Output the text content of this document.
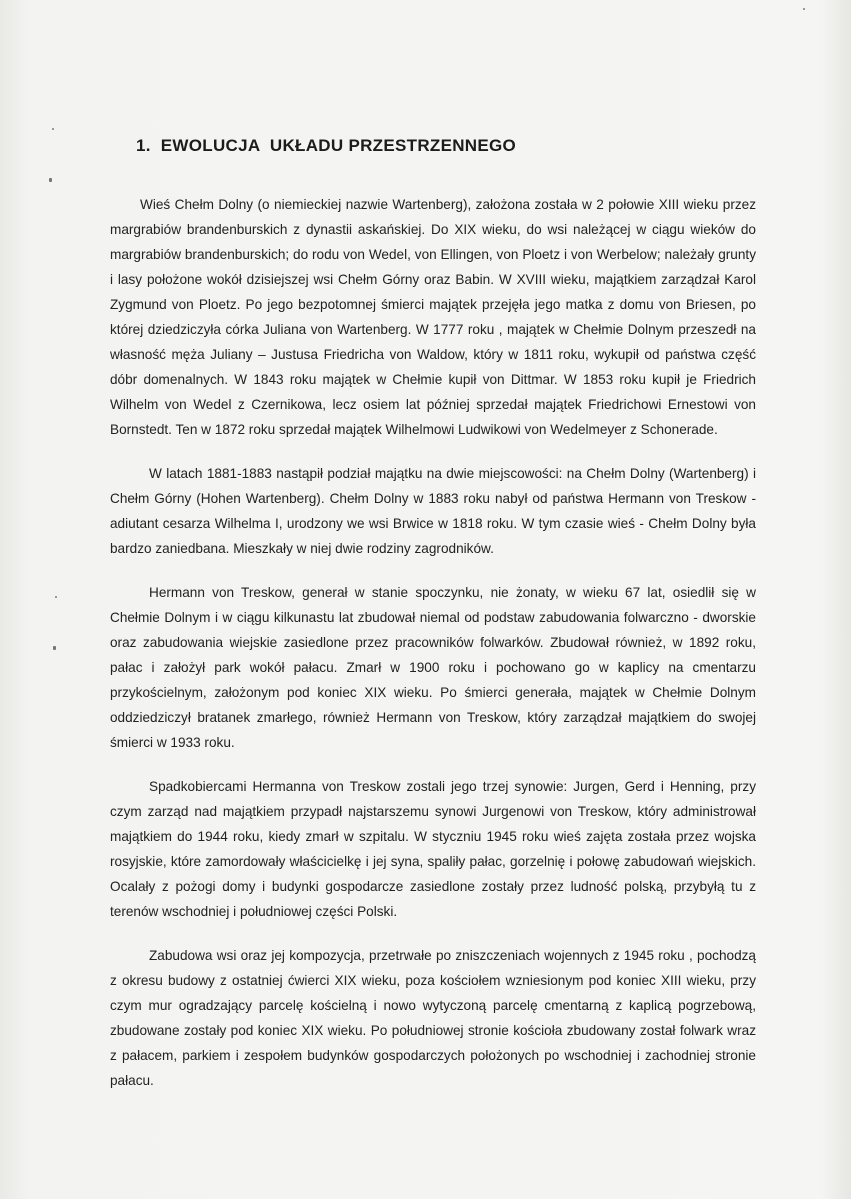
1. EWOLUCJA  UKŁADU PRZESTRZENNEGO

Wieś Chełm Dolny (o niemieckiej nazwie Wartenberg), założona została w 2 połowie XIII wieku przez margrabiów brandenburskich z dynastii askańskiej. Do XIX wieku, do wsi należącej w ciągu wieków do margrabiów brandenburskich; do rodu von Wedel, von Ellingen, von Ploetz i von Werbelow; należały grunty i lasy położone wokół dzisiejszej wsi Chełm Górny oraz Babin. W XVIII wieku, majątkiem zarządzał Karol Zygmund von Ploetz. Po jego bezpotomnej śmierci majątek przejęła jego matka z domu von Briesen, po której dziedziczyła córka Juliana von Wartenberg. W 1777 roku , majątek w Chełmie Dolnym przeszedł na własność męża Juliany – Justusa Friedricha von Waldow, który w 1811 roku, wykupił od państwa część dóbr domenalnych. W 1843 roku majątek w Chełmie kupił von Dittmar. W 1853 roku kupił je Friedrich Wilhelm von Wedel z Czernikowa, lecz osiem lat później sprzedał majątek Friedrichowi Ernestowi von Bornstedt. Ten w 1872 roku sprzedał majątek Wilhelmowi Ludwikowi von Wedelmeyer z Schonerade.

W latach 1881-1883 nastąpił podział majątku na dwie miejscowości: na Chełm Dolny (Wartenberg) i Chełm Górny (Hohen Wartenberg). Chełm Dolny w 1883 roku nabył od państwa Hermann von Treskow - adiutant cesarza Wilhelma I, urodzony we wsi Brwice w 1818 roku. W tym czasie wieś - Chełm Dolny była bardzo zaniedbana. Mieszkały w niej dwie rodziny zagrodników.

Hermann von Treskow, generał w stanie spoczynku, nie żonaty, w wieku 67 lat, osiedlił się w Chełmie Dolnym i w ciągu kilkunastu lat zbudował niemal od podstaw zabudowania folwarczno - dworskie oraz zabudowania wiejskie zasiedlone przez pracowników folwarków. Zbudował również, w 1892 roku, pałac i założył park wokół pałacu. Zmarł w 1900 roku i pochowano go w kaplicy na cmentarzu przykościelnym, założonym pod koniec XIX wieku. Po śmierci generała, majątek w Chełmie Dolnym oddziedziczył bratanek zmarłego, również Hermann von Treskow, który zarządzał majątkiem do swojej śmierci w 1933 roku.

Spadkobiercami Hermanna von Treskow zostali jego trzej synowie: Jurgen, Gerd i Henning, przy czym zarząd nad majątkiem przypadł najstarszemu synowi Jurgenowi von Treskow, który administrował majątkiem do 1944 roku, kiedy zmarł w szpitalu. W styczniu 1945 roku wieś zajęta została przez wojska rosyjskie, które zamordowały właścicielkę i jej syna, spaliły pałac, gorzelnię i połowę zabudowań wiejskich. Ocalały z pożogi domy i budynki gospodarcze zasiedlone zostały przez ludność polską, przybyłą tu z terenów wschodniej i południowej części Polski.

Zabudowa wsi oraz jej kompozycja, przetrwałe po zniszczeniach wojennych z 1945 roku , pochodzą z okresu budowy z ostatniej ćwierci XIX wieku, poza kościołem wzniesionym pod koniec XIII wieku, przy czym mur ogradzający parcelę kościelną i nowo wytyczoną parcelę cmentarną z kaplicą pogrzebową, zbudowane zostały pod koniec XIX wieku. Po południowej stronie kościoła zbudowany został folwark wraz z pałacem, parkiem i zespołem budynków gospodarczych położonych po wschodniej i zachodniej stronie pałacu.
